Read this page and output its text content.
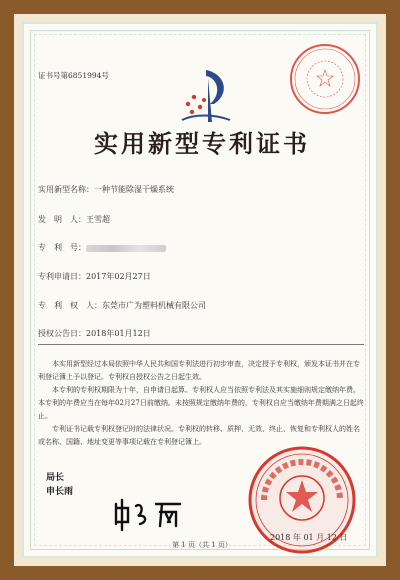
证书号第6851994号
实用新型专利证书
实用新型名称：一种节能除湿干燥系统
发　明　人：王雪超
专　利　号：
专利申请日：2017年02月27日
专　利　权　人：东莞市广为塑料机械有限公司
授权公告日：2018年01月12日

本实用新型经过本局依照中华人民共和国专利法进行初步审查，决定授予专利权，颁发本证书并在专利登记簿上予以登记。专利权自授权公告之日起生效。

本专利的专利权期限为十年，自申请日起算。专利权人应当依照专利法及其实施细则规定缴纳年费。本专利的年费应当在每年02月27日前缴纳。未按照规定缴纳年费的，专利权自应当缴纳年费期满之日起终止。

专利证书记载专利权登记时的法律状况。专利权的转移、质押、无效、终止、恢复和专利权人的姓名或名称、国籍、地址变更等事项记载在专利登记簿上。

局长
申长雨
2018 年 01 月 12 日
第 1 页（共 1 页）
